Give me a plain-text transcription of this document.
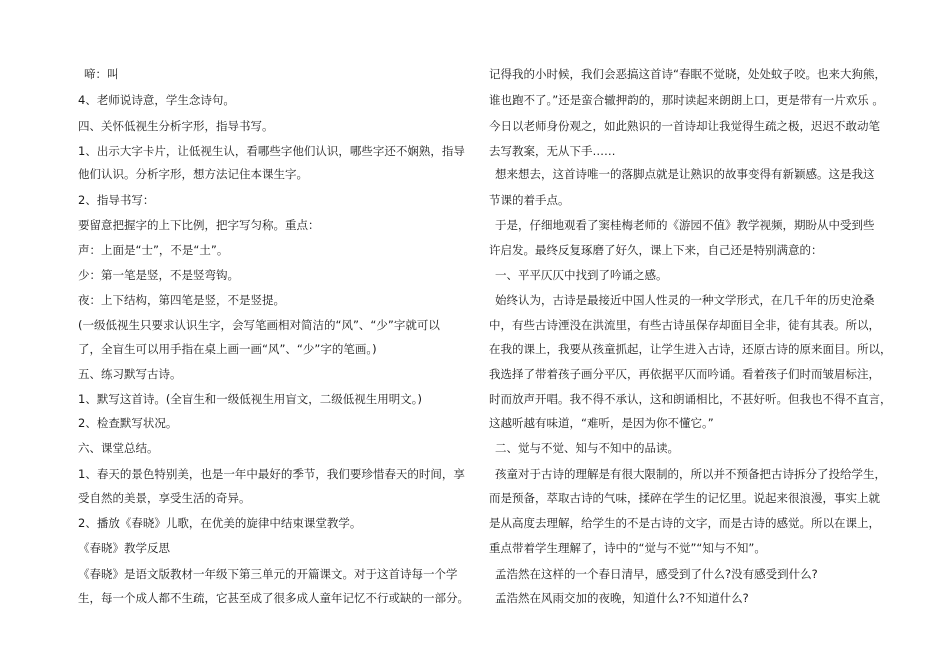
啼：叫
4、老师说诗意，学生念诗句。
四、关怀低视生分析字形，指导书写。
1、出示大字卡片，让低视生认，看哪些字他们认识，哪些字还不娴熟，指导
他们认识。分析字形，想方法记住本课生字。
2、指导书写：
要留意把握字的上下比例，把字写匀称。重点：
声：上面是“士”，不是“土”。
少：第一笔是竖，不是竖弯钩。
夜：上下结构，第四笔是竖，不是竖提。
(一级低视生只要求认识生字，会写笔画相对简洁的“风”、“少”字就可以
了，全盲生可以用手指在桌上画一画“风”、“少”字的笔画。)
五、练习默写古诗。
1、默写这首诗。(全盲生和一级低视生用盲文，二级低视生用明文。)
2、检查默写状况。
六、课堂总结。
1、春天的景色特别美，也是一年中最好的季节，我们要珍惜春天的时间，享
受自然的美景，享受生活的奇异。
2、播放《春晓》儿歌，在优美的旋律中结束课堂教学。
《春晓》教学反思
《春晓》是语文版教材一年级下第三单元的开篇课文。对于这首诗每一个学
生，每一个成人都不生疏，它甚至成了很多成人童年记忆不行或缺的一部分。
记得我的小时候，我们会恶搞这首诗“春眠不觉晓，处处蚊子咬。也来大狗熊，
谁也跑不了。”还是蛮合辙押韵的，那时读起来朗朗上口，更是带有一片欢乐 。
今日以老师身份观之，如此熟识的一首诗却让我觉得生疏之极，迟迟不敢动笔
去写教案，无从下手……
想来想去，这首诗唯一的落脚点就是让熟识的故事变得有新颖感。这是我这
节课的着手点。
于是，仔细地观看了窦桂梅老师的《游园不值》教学视频，期盼从中受到些
许启发。最终反复琢磨了好久，课上下来，自己还是特别满意的：
一、平平仄仄中找到了吟诵之感。
始终认为，古诗是最接近中国人性灵的一种文学形式，在几千年的历史沧桑
中，有些古诗湮没在洪流里，有些古诗虽保存却面目全非，徒有其表。所以，
在我的课上，我要从孩童抓起，让学生进入古诗，还原古诗的原来面目。所以，
我选择了带着孩子画分平仄，再依据平仄而吟诵。看着孩子们时而皱眉标注，
时而放声开唱。我不得不承认，这和朗诵相比，不甚好听。但我也不得不直言，
这越听越有味道，“难听，是因为你不懂它。”
二、觉与不觉、知与不知中的品读。
孩童对于古诗的理解是有很大限制的，所以并不预备把古诗拆分了投给学生，
而是预备，萃取古诗的气味，揉碎在学生的记忆里。说起来很浪漫，事实上就
是从高度去理解，给学生的不是古诗的文字，而是古诗的感觉。所以在课上，
重点带着学生理解了，诗中的“觉与不觉”“知与不知”。
孟浩然在这样的一个春日清早，感受到了什么?没有感受到什么?
孟浩然在风雨交加的夜晚，知道什么?不知道什么?
